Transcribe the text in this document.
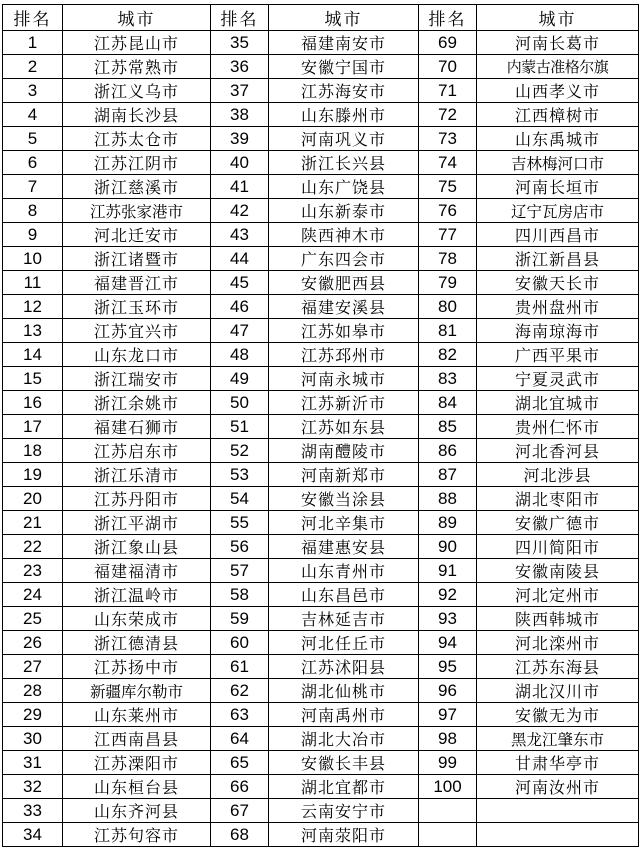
排名	城市	排名	城市	排名	城市
1	江苏昆山市	35	福建南安市	69	河南长葛市
2	江苏常熟市	36	安徽宁国市	70	内蒙古准格尔旗
3	浙江义乌市	37	江苏海安市	71	山西孝义市
4	湖南长沙县	38	山东滕州市	72	江西樟树市
5	江苏太仓市	39	河南巩义市	73	山东禹城市
6	江苏江阴市	40	浙江长兴县	74	吉林梅河口市
7	浙江慈溪市	41	山东广饶县	75	河南长垣市
8	江苏张家港市	42	山东新泰市	76	辽宁瓦房店市
9	河北迁安市	43	陕西神木市	77	四川西昌市
10	浙江诸暨市	44	广东四会市	78	浙江新昌县
11	福建晋江市	45	安徽肥西县	79	安徽天长市
12	浙江玉环市	46	福建安溪县	80	贵州盘州市
13	江苏宜兴市	47	江苏如皋市	81	海南琼海市
14	山东龙口市	48	江苏邳州市	82	广西平果市
15	浙江瑞安市	49	河南永城市	83	宁夏灵武市
16	浙江余姚市	50	江苏新沂市	84	湖北宜城市
17	福建石狮市	51	江苏如东县	85	贵州仁怀市
18	江苏启东市	52	湖南醴陵市	86	河北香河县
19	浙江乐清市	53	河南新郑市	87	河北涉县
20	江苏丹阳市	54	安徽当涂县	88	湖北枣阳市
21	浙江平湖市	55	河北辛集市	89	安徽广德市
22	浙江象山县	56	福建惠安县	90	四川简阳市
23	福建福清市	57	山东青州市	91	安徽南陵县
24	浙江温岭市	58	山东昌邑市	92	河北定州市
25	山东荣成市	59	吉林延吉市	93	陕西韩城市
26	浙江德清县	60	河北任丘市	94	河北滦州市
27	江苏扬中市	61	江苏沭阳县	95	江苏东海县
28	新疆库尔勒市	62	湖北仙桃市	96	湖北汉川市
29	山东莱州市	63	河南禹州市	97	安徽无为市
30	江西南昌县	64	湖北大冶市	98	黑龙江肇东市
31	江苏溧阳市	65	安徽长丰县	99	甘肃华亭市
32	山东桓台县	66	湖北宜都市	100	河南汝州市
33	山东齐河县	67	云南安宁市		
34	江苏句容市	68	河南荥阳市		
